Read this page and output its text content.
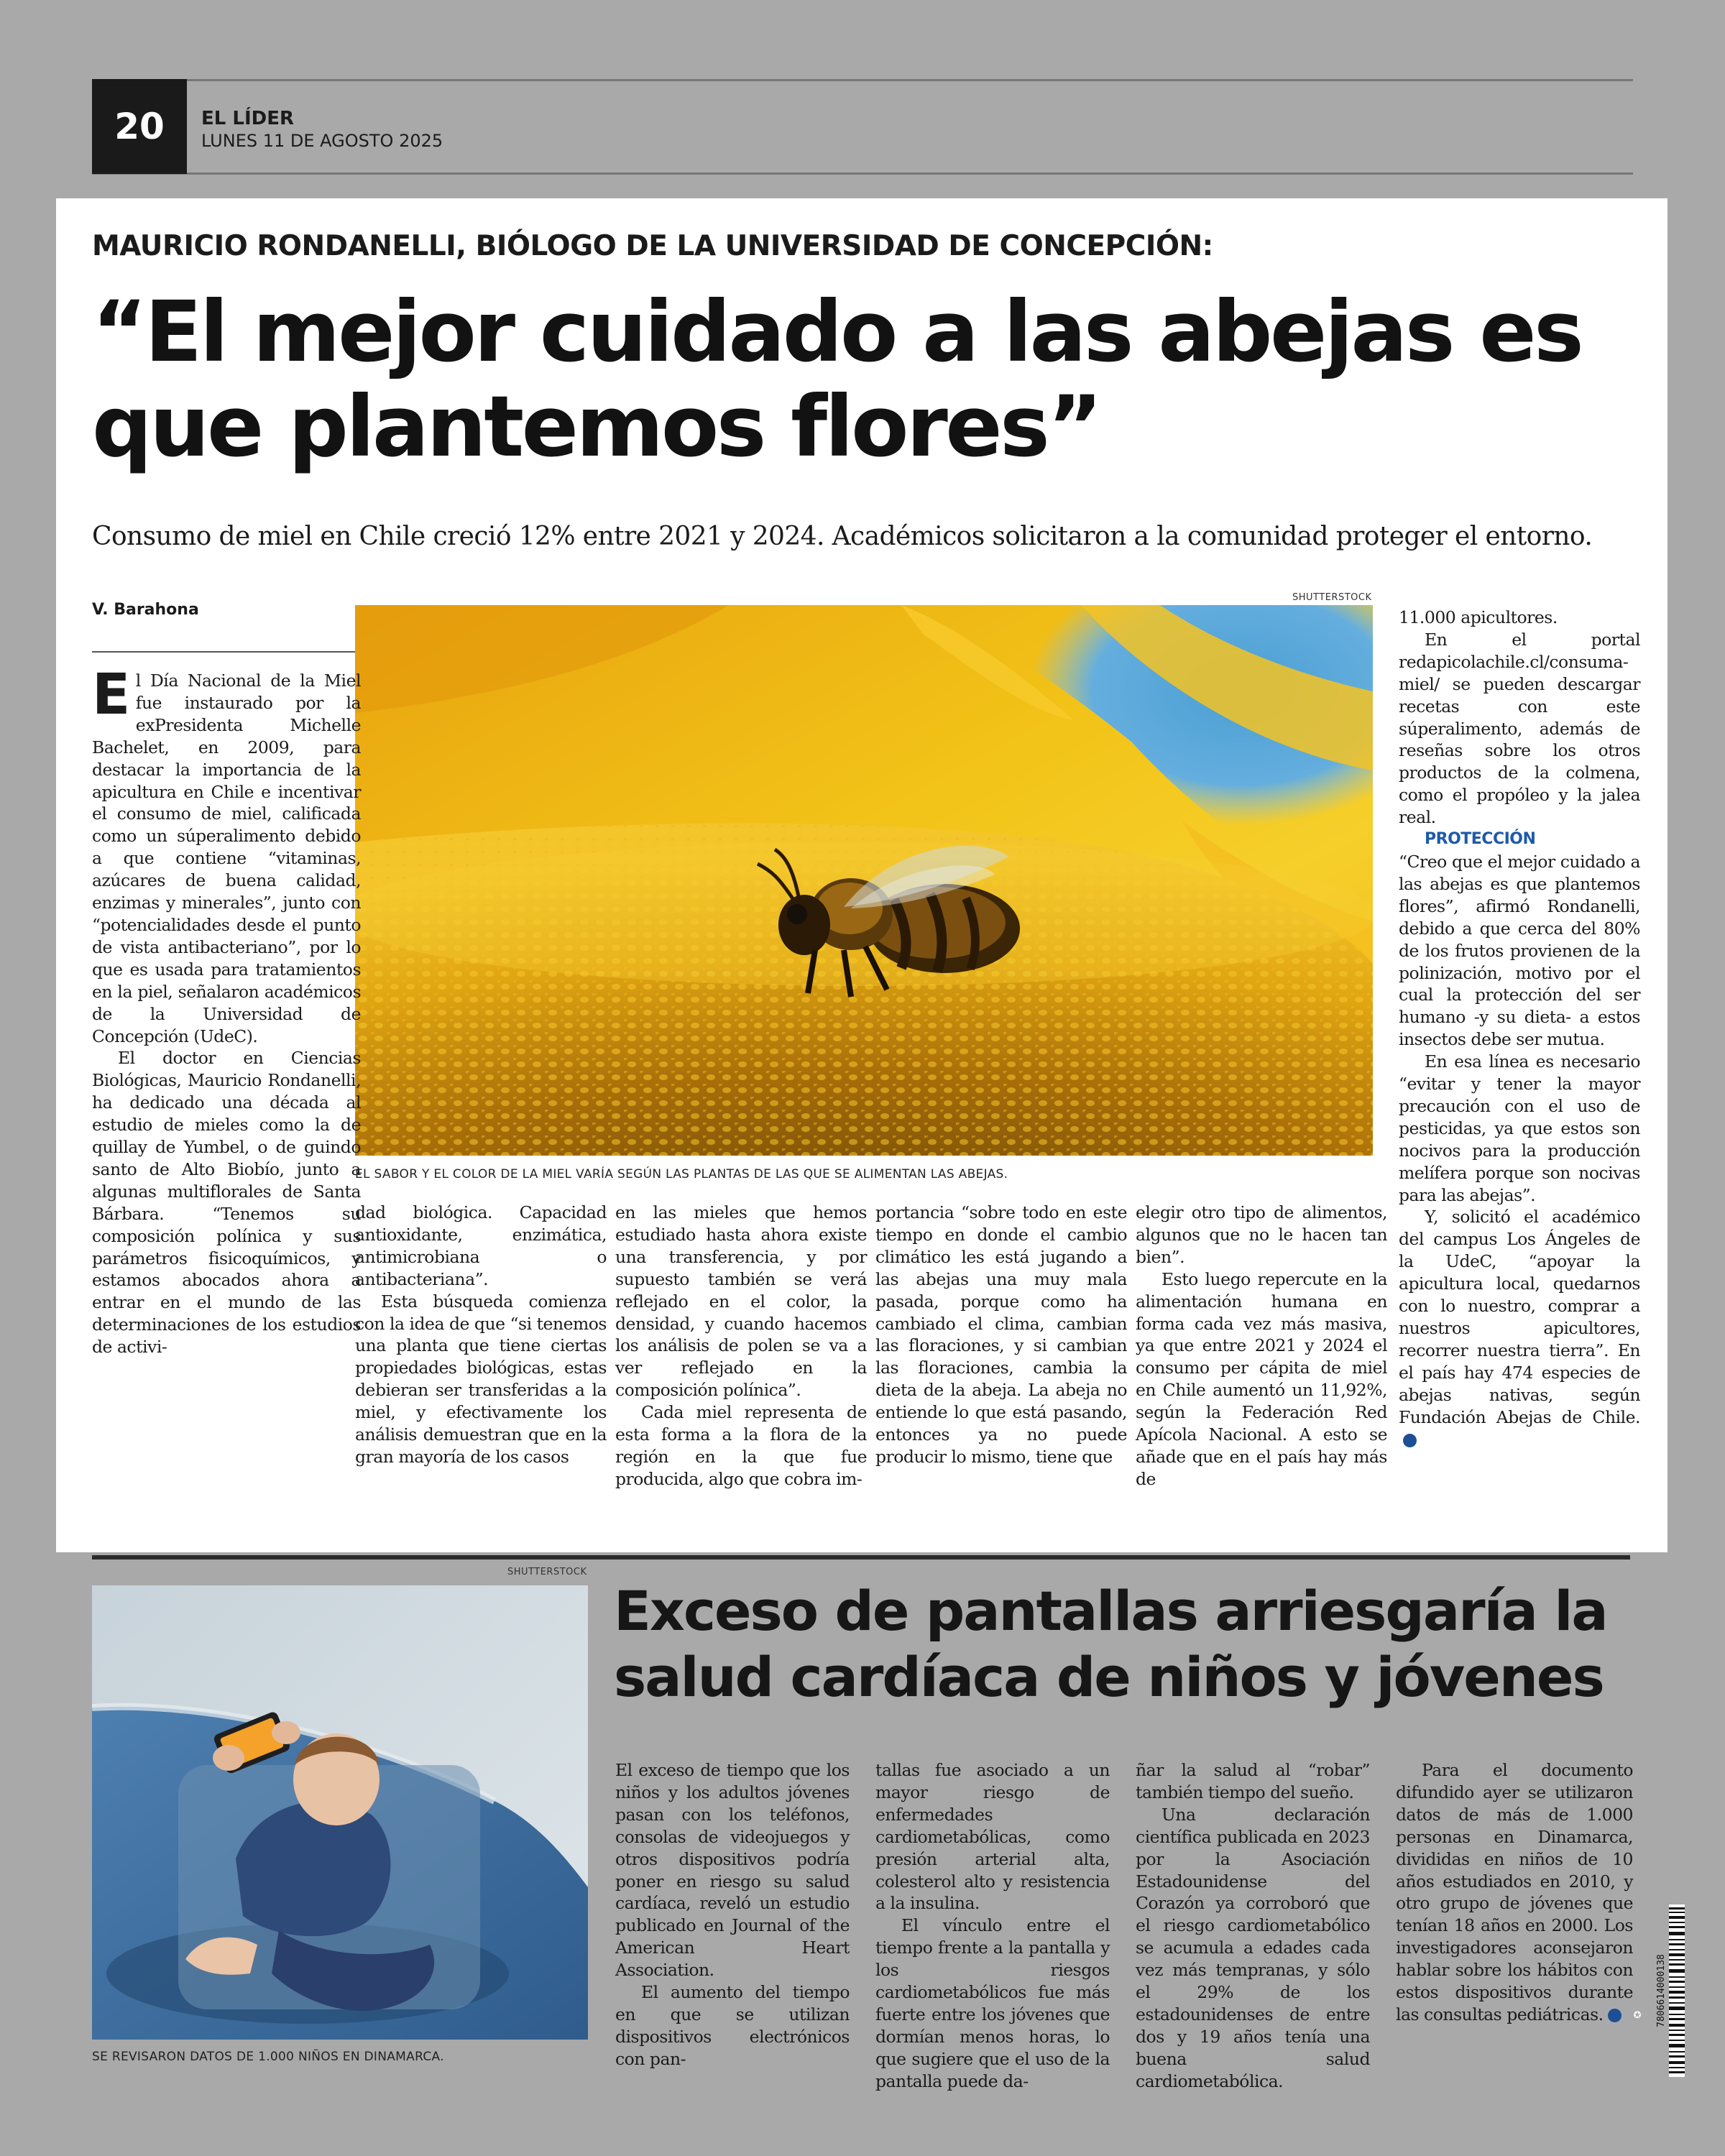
20	EL LÍDER
LUNES 11 DE AGOSTO 2025
MAURICIO RONDANELLI, BIÓLOGO DE LA UNIVERSIDAD DE CONCEPCIÓN:
“El mejor cuidado a las abejas es que plantemos flores”
Consumo de miel en Chile creció 12% entre 2021 y 2024. Académicos solicitaron a la comunidad proteger el entorno.
V. Barahona
SHUTTERSTOCK
EL SABOR Y EL COLOR DE LA MIEL VARÍA SEGÚN LAS PLANTAS DE LAS QUE SE ALIMENTAN LAS ABEJAS.

El Día Nacional de la Miel fue instaurado por la exPresidenta Michelle Bachelet, en 2009, para destacar la importancia de la apicultura en Chile e incentivar el consumo de miel, calificada como un súperalimento debido a que contiene “vitaminas, azúcares de buena calidad, enzimas y minerales”, junto con “potencialidades desde el punto de vista antibacteriano”, por lo que es usada para tratamientos en la piel, señalaron académicos de la Universidad de Concepción (UdeC).

El doctor en Ciencias Biológicas, Mauricio Rondanelli, ha dedicado una década al estudio de mieles como la de quillay de Yumbel, o de guindo santo de Alto Biobío, junto a algunas multiflorales de Santa Bárbara. “Tenemos su composición polínica y sus parámetros fisicoquímicos, y estamos abocados ahora a entrar en el mundo de las determinaciones de los estudios de activi-

dad biológica. Capacidad antioxidante, enzimática, antimicrobiana o antibacteriana”.

Esta búsqueda comienza con la idea de que “si tenemos una planta que tiene ciertas propiedades biológicas, estas debieran ser transferidas a la miel, y efectivamente los análisis demuestran que en la gran mayoría de los casos

en las mieles que hemos estudiado hasta ahora existe una transferencia, y por supuesto también se verá reflejado en el color, la densidad, y cuando hacemos los análisis de polen se va a ver reflejado en la composición polínica”.

Cada miel representa de esta forma a la flora de la región en la que fue producida, algo que cobra im-

portancia “sobre todo en este tiempo en donde el cambio climático les está jugando a las abejas una muy mala pasada, porque como ha cambiado el clima, cambian las floraciones, y si cambian las floraciones, cambia la dieta de la abeja. La abeja no entiende lo que está pasando, entonces ya no puede producir lo mismo, tiene que

elegir otro tipo de alimentos, algunos que no le hacen tan bien”.

Esto luego repercute en la alimentación humana en forma cada vez más masiva, ya que entre 2021 y 2024 el consumo per cápita de miel en Chile aumentó un 11,92%, según la Federación Red Apícola Nacional. A esto se añade que en el país hay más de

11.000 apicultores.

En el portal redapicolachile.cl/consuma-miel/ se pueden descargar recetas con este súperalimento, además de reseñas sobre los otros productos de la colmena, como el propóleo y la jalea real.

PROTECCIÓN

“Creo que el mejor cuidado a las abejas es que plantemos flores”, afirmó Rondanelli, debido a que cerca del 80% de los frutos provienen de la polinización, motivo por el cual la protección del ser humano -y su dieta- a estos insectos debe ser mutua.

En esa línea es necesario “evitar y tener la mayor precaución con el uso de pesticidas, ya que estos son nocivos para la producción melífera porque son nocivas para las abejas”.

Y, solicitó el académico del campus Los Ángeles de la UdeC, “apoyar la apicultura local, quedarnos con lo nuestro, comprar a nuestros apicultores, recorrer nuestra tierra”. En el país hay 474 especies de abejas nativas, según Fundación Abejas de Chile.✪

SHUTTERSTOCK
SE REVISARON DATOS DE 1.000 NIÑOS EN DINAMARCA.
Exceso de pantallas arriesgaría la salud cardíaca de niños y jóvenes

El exceso de tiempo que los niños y los adultos jóvenes pasan con los teléfonos, consolas de videojuegos y otros dispositivos podría poner en riesgo su salud cardíaca, reveló un estudio publicado en Journal of the American Heart Association.

El aumento del tiempo en que se utilizan dispositivos electrónicos con pan-

tallas fue asociado a un mayor riesgo de enfermedades cardiometabólicas, como presión arterial alta, colesterol alto y resistencia a la insulina.

El vínculo entre el tiempo frente a la pantalla y los riesgos cardiometabólicos fue más fuerte entre los jóvenes que dormían menos horas, lo que sugiere que el uso de la pantalla puede da-

ñar la salud al “robar” también tiempo del sueño.

Una declaración científica publicada en 2023 por la Asociación Estadounidense del Corazón ya corroboró que el riesgo cardiometabólico se acumula a edades cada vez más tempranas, y sólo el 29% de los estadounidenses de entre dos y 19 años tenía una buena salud cardiometabólica.

Para el documento difundido ayer se utilizaron datos de más de 1.000 personas en Dinamarca, divididas en niños de 10 años estudiados en 2010, y otro grupo de jóvenes que tenían 18 años en 2000. Los investigadores aconsejaron hablar sobre los hábitos con estos dispositivos durante las consultas pediátricas.	✪ 7806614000138
